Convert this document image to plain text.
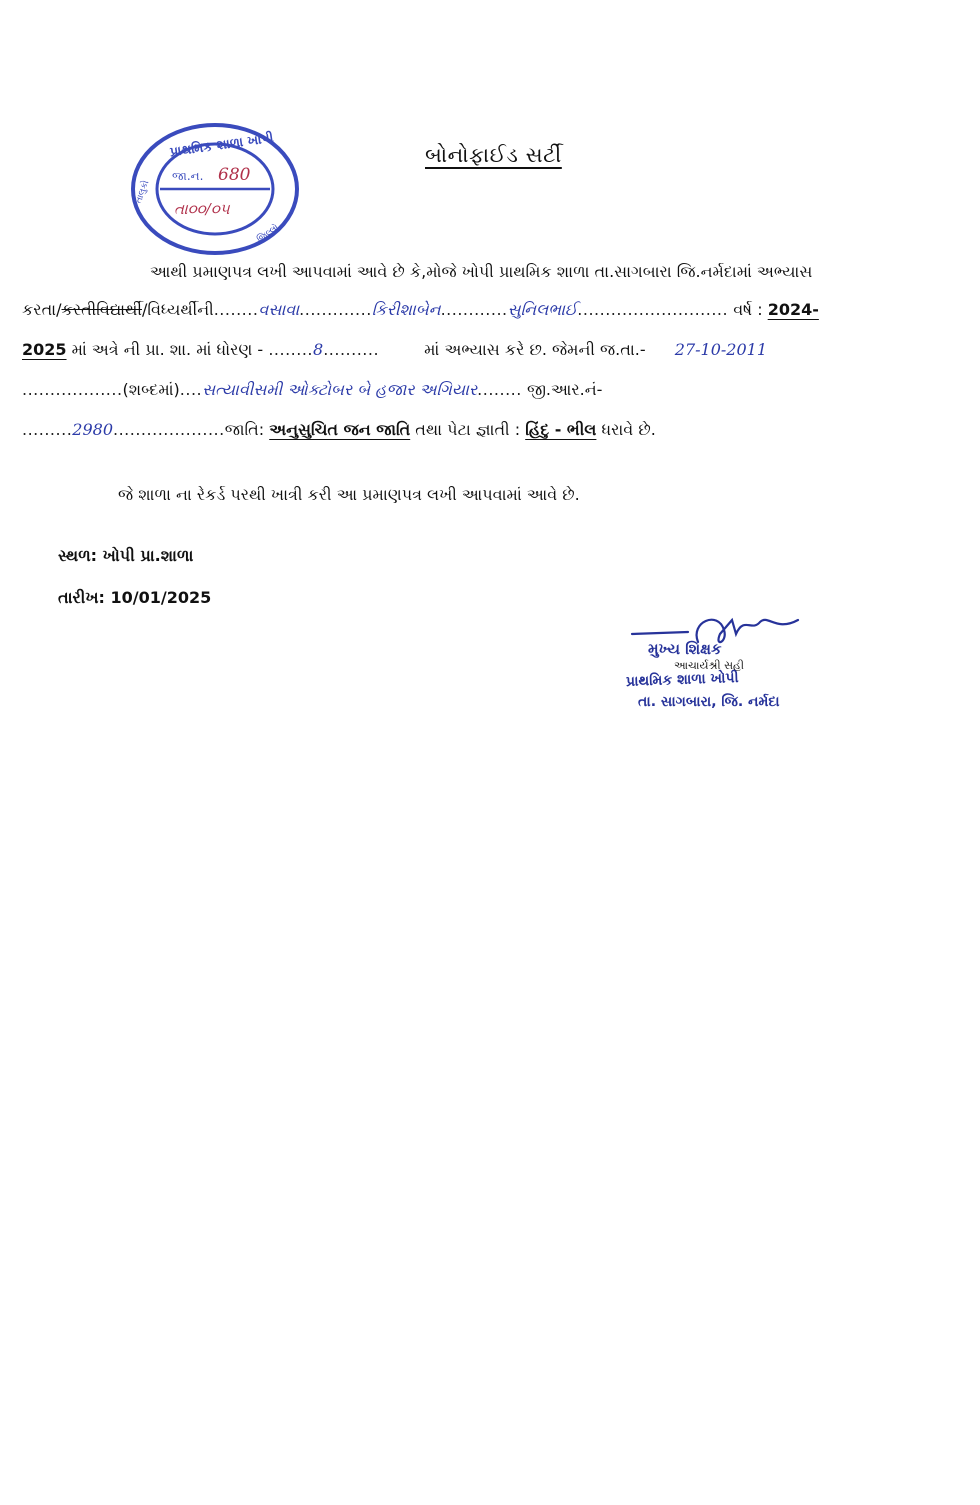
પ્રાથમિક શાળા ખોપી
જા.ન. 680
તા૦૦/૦૫
તાલુકો
જિલ્લો
બોનોફાઈડ સર્ટી
આથી પ્રમાણપત્ર લખી આપવામાં આવે છે કે,મોજે ખોપી પ્રાથમિક શાળા તા.સાગબારા જિ.નર્મદામાં અભ્યાસ
કરતા/કરતીવિદ્યાર્થી/વિધ્યર્થીની........વસાવા.............કિરીશાબેન............સુનિલભાઈ........................... વર્ષ : 2024-
2025 માં અત્રે ની પ્રા. શા. માં ધોરણ - ........8..........	માં અભ્યાસ કરે છ. જેમની જ.તા.- 27-10-2011
..................(શબ્દમાં)....સત્યાવીસમી ઓક્ટોબર બે હજાર અગિયાર........ જી.આર.નં-
.........2980....................જાતિ: અનુસુચિત જન જાતિ તથા પેટા જ્ઞાતી : હિંદુ - ભીલ ધરાવે છે.
જે શાળા ના રેકર્ડ પરથી ખાત્રી કરી આ પ્રમાણપત્ર લખી આપવામાં આવે છે.
સ્થળ: ખોપી પ્રા.શાળા
તારીખ: 10/01/2025
મુખ્ય શિક્ષક
આચાર્યશ્રી સહી
પ્રાથમિક શાળા ખોપી
તા. સાગબારા, જિ. નર્મદા
